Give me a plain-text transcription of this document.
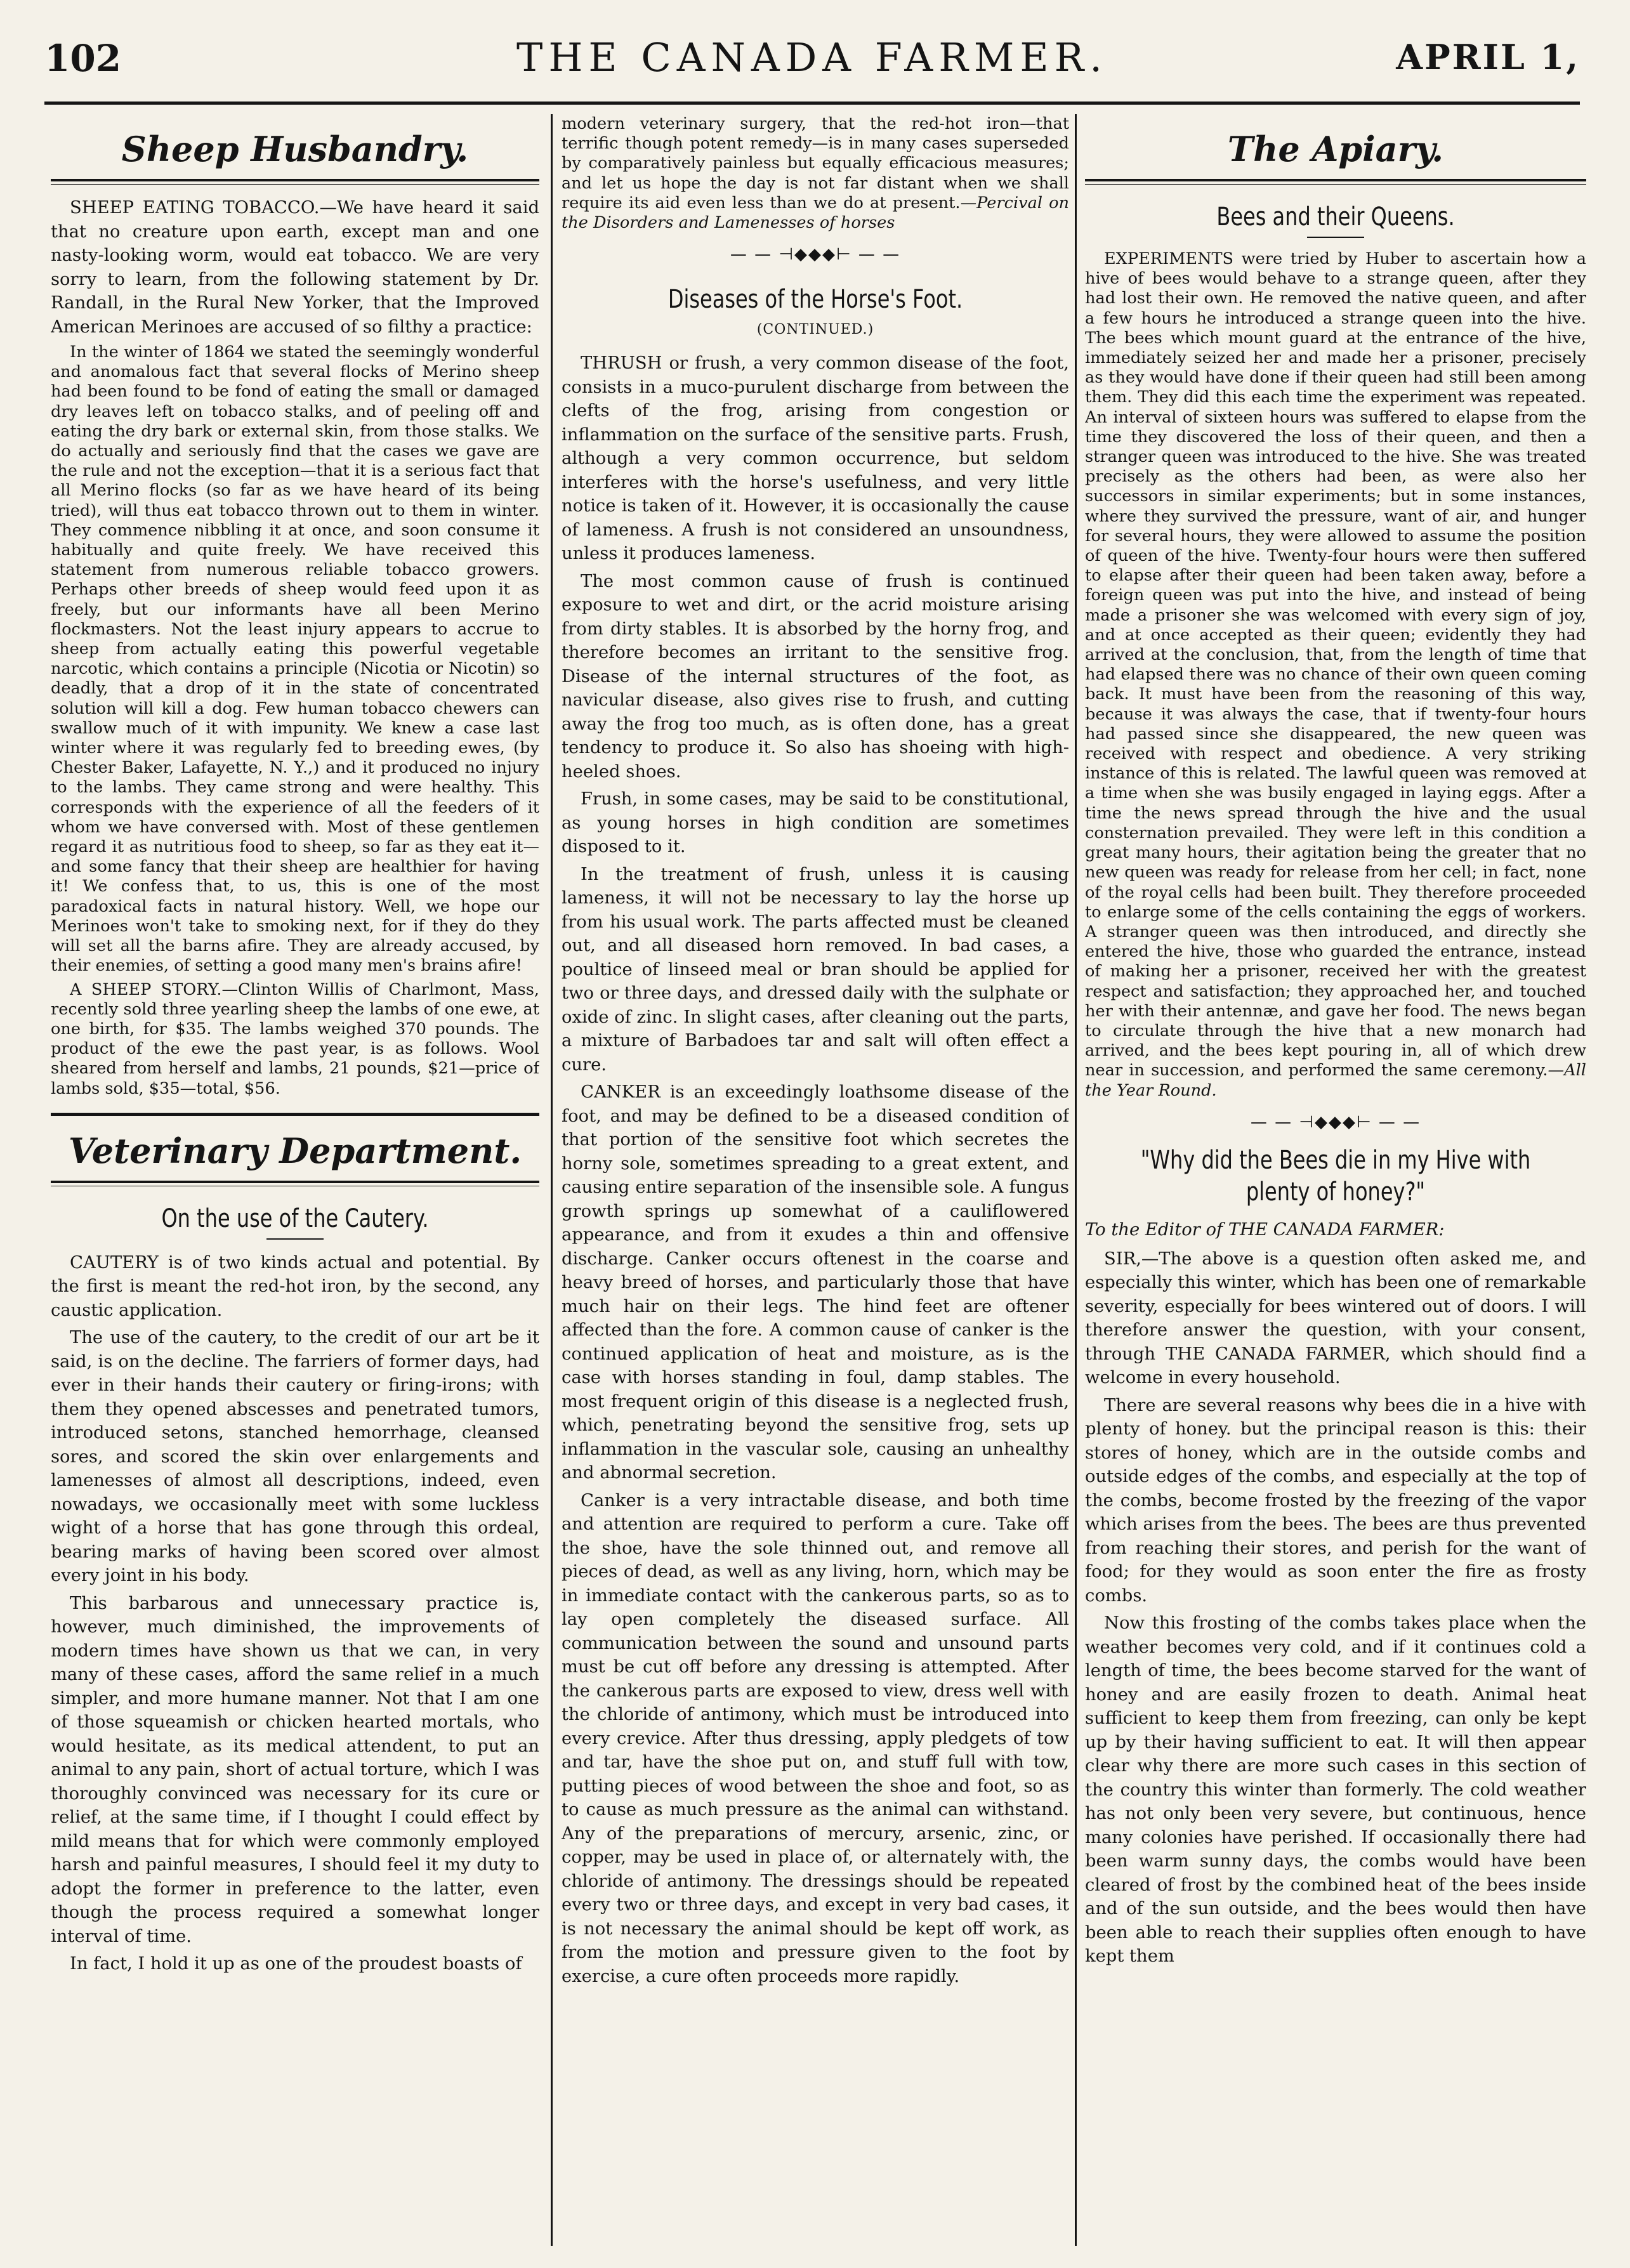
102	THE CANADA FARMER.	APRIL 1,
Sheep Husbandry.

SHEEP EATING TOBACCO.—We have heard it said that no creature upon earth, except man and one nasty-looking worm, would eat tobacco. We are very sorry to learn, from the following statement by Dr. Randall, in the Rural New Yorker, that the Improved American Merinoes are accused of so filthy a practice:

In the winter of 1864 we stated the seemingly wonderful and anomalous fact that several flocks of Merino sheep had been found to be fond of eating the small or damaged dry leaves left on tobacco stalks, and of peeling off and eating the dry bark or external skin, from those stalks. We do actually and seriously find that the cases we gave are the rule and not the exception—that it is a serious fact that all Merino flocks (so far as we have heard of its being tried), will thus eat tobacco thrown out to them in winter. They commence nibbling it at once, and soon consume it habitually and quite freely. We have received this statement from numerous reliable tobacco growers. Perhaps other breeds of sheep would feed upon it as freely, but our informants have all been Merino flockmasters. Not the least injury appears to accrue to sheep from actually eating this powerful vegetable narcotic, which contains a principle (Nicotia or Nicotin) so deadly, that a drop of it in the state of concentrated solution will kill a dog. Few human tobacco chewers can swallow much of it with impunity. We knew a case last winter where it was regularly fed to breeding ewes, (by Chester Baker, Lafayette, N. Y.,) and it produced no injury to the lambs. They came strong and were healthy. This corresponds with the experience of all the feeders of it whom we have conversed with. Most of these gentlemen regard it as nutritious food to sheep, so far as they eat it—and some fancy that their sheep are healthier for having it! We confess that, to us, this is one of the most paradoxical facts in natural history. Well, we hope our Merinoes won't take to smoking next, for if they do they will set all the barns afire. They are already accused, by their enemies, of setting a good many men's brains afire!

A SHEEP STORY.—Clinton Willis of Charlmont, Mass, recently sold three yearling sheep the lambs of one ewe, at one birth, for $35. The lambs weighed 370 pounds. The product of the ewe the past year, is as follows. Wool sheared from herself and lambs, 21 pounds, $21—price of lambs sold, $35—total, $56.

Veterinary Department.
On the use of the Cautery.

CAUTERY is of two kinds actual and potential. By the first is meant the red-hot iron, by the second, any caustic application.

The use of the cautery, to the credit of our art be it said, is on the decline. The farriers of former days, had ever in their hands their cautery or firing-irons; with them they opened abscesses and penetrated tumors, introduced setons, stanched hemorrhage, cleansed sores, and scored the skin over enlargements and lamenesses of almost all descriptions, indeed, even nowadays, we occasionally meet with some luckless wight of a horse that has gone through this ordeal, bearing marks of having been scored over almost every joint in his body.

This barbarous and unnecessary practice is, however, much diminished, the improvements of modern times have shown us that we can, in very many of these cases, afford the same relief in a much simpler, and more humane manner. Not that I am one of those squeamish or chicken hearted mortals, who would hesitate, as its medical attendent, to put an animal to any pain, short of actual torture, which I was thoroughly convinced was necessary for its cure or relief, at the same time, if I thought I could effect by mild means that for which were commonly employed harsh and painful measures, I should feel it my duty to adopt the former in preference to the latter, even though the process required a somewhat longer interval of time.

In fact, I hold it up as one of the proudest boasts of

modern veterinary surgery, that the red-hot iron—that terrific though potent remedy—is in many cases superseded by comparatively painless but equally efficacious measures; and let us hope the day is not far distant when we shall require its aid even less than we do at present.—Percival on the Disorders and Lamenesses of horses

— — ⊣◆◆◆⊢ — —
Diseases of the Horse's Foot.
(CONTINUED.)

THRUSH or frush, a very common disease of the foot, consists in a muco-purulent discharge from between the clefts of the frog, arising from congestion or inflammation on the surface of the sensitive parts. Frush, although a very common occurrence, but seldom interferes with the horse's usefulness, and very little notice is taken of it. However, it is occasionally the cause of lameness. A frush is not considered an unsoundness, unless it produces lameness.

The most common cause of frush is continued exposure to wet and dirt, or the acrid moisture arising from dirty stables. It is absorbed by the horny frog, and therefore becomes an irritant to the sensitive frog. Disease of the internal structures of the foot, as navicular disease, also gives rise to frush, and cutting away the frog too much, as is often done, has a great tendency to produce it. So also has shoeing with high-heeled shoes.

Frush, in some cases, may be said to be constitutional, as young horses in high condition are sometimes disposed to it.

In the treatment of frush, unless it is causing lameness, it will not be necessary to lay the horse up from his usual work. The parts affected must be cleaned out, and all diseased horn removed. In bad cases, a poultice of linseed meal or bran should be applied for two or three days, and dressed daily with the sulphate or oxide of zinc. In slight cases, after cleaning out the parts, a mixture of Barbadoes tar and salt will often effect a cure.

CANKER is an exceedingly loathsome disease of the foot, and may be defined to be a diseased condition of that portion of the sensitive foot which secretes the horny sole, sometimes spreading to a great extent, and causing entire separation of the insensible sole. A fungus growth springs up somewhat of a cauliflowered appearance, and from it exudes a thin and offensive discharge. Canker occurs oftenest in the coarse and heavy breed of horses, and particularly those that have much hair on their legs. The hind feet are oftener affected than the fore. A common cause of canker is the continued application of heat and moisture, as is the case with horses standing in foul, damp stables. The most frequent origin of this disease is a neglected frush, which, penetrating beyond the sensitive frog, sets up inflammation in the vascular sole, causing an unhealthy and abnormal secretion.

Canker is a very intractable disease, and both time and attention are required to perform a cure. Take off the shoe, have the sole thinned out, and remove all pieces of dead, as well as any living, horn, which may be in immediate contact with the cankerous parts, so as to lay open completely the diseased surface. All communication between the sound and unsound parts must be cut off before any dressing is attempted. After the cankerous parts are exposed to view, dress well with the chloride of antimony, which must be introduced into every crevice. After thus dressing, apply pledgets of tow and tar, have the shoe put on, and stuff full with tow, putting pieces of wood between the shoe and foot, so as to cause as much pressure as the animal can withstand. Any of the preparations of mercury, arsenic, zinc, or copper, may be used in place of, or alternately with, the chloride of antimony. The dressings should be repeated every two or three days, and except in very bad cases, it is not necessary the animal should be kept off work, as from the motion and pressure given to the foot by exercise, a cure often proceeds more rapidly.

The Apiary.
Bees and their Queens.

EXPERIMENTS were tried by Huber to ascertain how a hive of bees would behave to a strange queen, after they had lost their own. He removed the native queen, and after a few hours he introduced a strange queen into the hive. The bees which mount guard at the entrance of the hive, immediately seized her and made her a prisoner, precisely as they would have done if their queen had still been among them. They did this each time the experiment was repeated. An interval of sixteen hours was suffered to elapse from the time they discovered the loss of their queen, and then a stranger queen was introduced to the hive. She was treated precisely as the others had been, as were also her successors in similar experiments; but in some instances, where they survived the pressure, want of air, and hunger for several hours, they were allowed to assume the position of queen of the hive. Twenty-four hours were then suffered to elapse after their queen had been taken away, before a foreign queen was put into the hive, and instead of being made a prisoner she was welcomed with every sign of joy, and at once accepted as their queen; evidently they had arrived at the conclusion, that, from the length of time that had elapsed there was no chance of their own queen coming back. It must have been from the reasoning of this way, because it was always the case, that if twenty-four hours had passed since she disappeared, the new queen was received with respect and obedience. A very striking instance of this is related. The lawful queen was removed at a time when she was busily engaged in laying eggs. After a time the news spread through the hive and the usual consternation prevailed. They were left in this condition a great many hours, their agitation being the greater that no new queen was ready for release from her cell; in fact, none of the royal cells had been built. They therefore proceeded to enlarge some of the cells containing the eggs of workers. A stranger queen was then introduced, and directly she entered the hive, those who guarded the entrance, instead of making her a prisoner, received her with the greatest respect and satisfaction; they approached her, and touched her with their antennæ, and gave her food. The news began to circulate through the hive that a new monarch had arrived, and the bees kept pouring in, all of which drew near in succession, and performed the same ceremony.—All the Year Round.

— — ⊣◆◆◆⊢ — —
"Why did the Bees die in my Hive with plenty of honey?"

To the Editor of THE CANADA FARMER:

SIR,—The above is a question often asked me, and especially this winter, which has been one of remarkable severity, especially for bees wintered out of doors. I will therefore answer the question, with your consent, through THE CANADA FARMER, which should find a welcome in every household.

There are several reasons why bees die in a hive with plenty of honey. but the principal reason is this: their stores of honey, which are in the outside combs and outside edges of the combs, and especially at the top of the combs, become frosted by the freezing of the vapor which arises from the bees. The bees are thus prevented from reaching their stores, and perish for the want of food; for they would as soon enter the fire as frosty combs.

Now this frosting of the combs takes place when the weather becomes very cold, and if it continues cold a length of time, the bees become starved for the want of honey and are easily frozen to death. Animal heat sufficient to keep them from freezing, can only be kept up by their having sufficient to eat. It will then appear clear why there are more such cases in this section of the country this winter than formerly. The cold weather has not only been very severe, but continuous, hence many colonies have perished. If occasionally there had been warm sunny days, the combs would have been cleared of frost by the combined heat of the bees inside and of the sun outside, and the bees would then have been able to reach their supplies often enough to have kept them
